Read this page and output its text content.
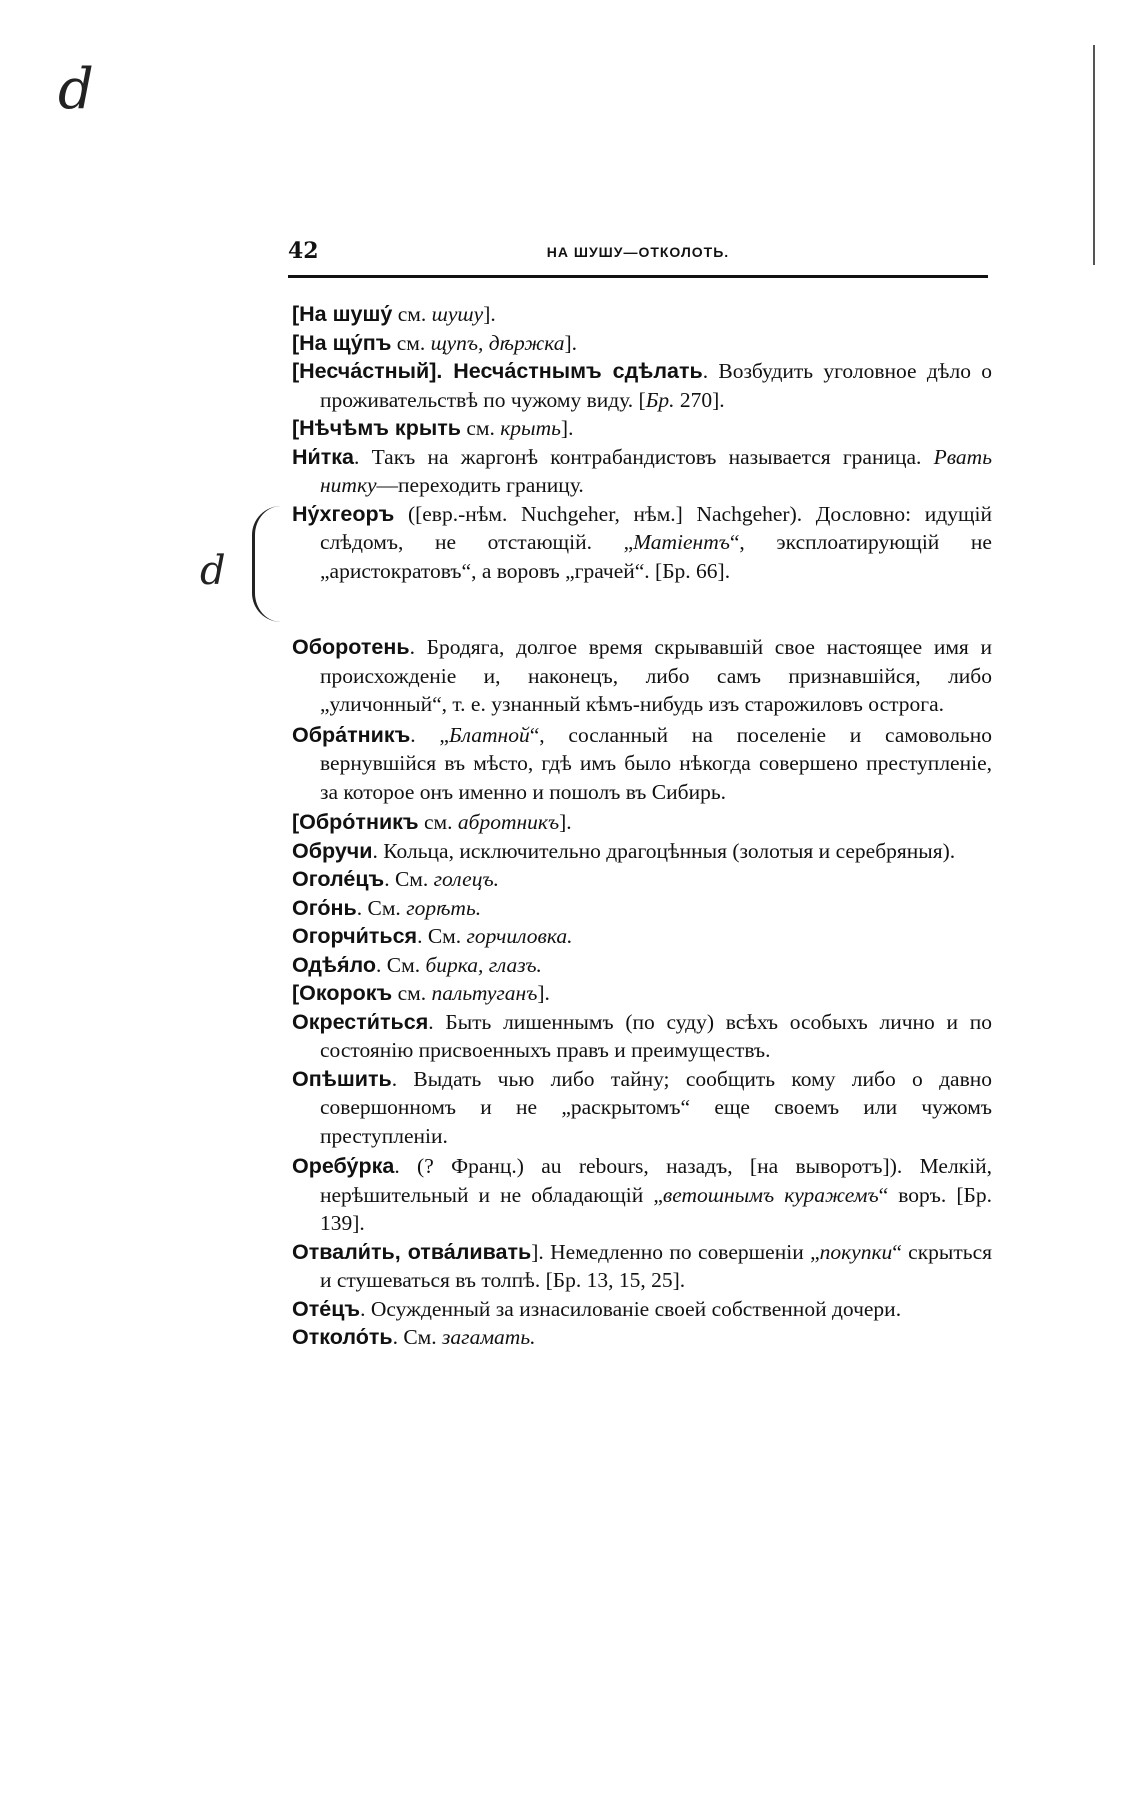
d
42	НА ШУШУ—ОТКОЛОТЬ.
d
[На шушу́ см. шушу].
[На щу́пъ см. щупъ, дѣржка].
[Несча́стный]. Несча́стнымъ сдѣлать. Возбудить уголовное дѣло о проживательствѣ по чужому виду. [Бр. 270].
[Нѣчѣмъ крыть см. крыть].
Ни́тка. Такъ на жаргонѣ контрабандистовъ называется граница. Рвать нитку—переходить границу.
Ну́хгеоръ ([евр.-нѣм. Nuchgeher, нѣм.] Nachgeher). Дословно: идущій слѣдомъ, не отстающій. „Матіентъ“, эксплоатирующій не „аристократовъ“, а воровъ „грачей“. [Бр. 66].
Оборотень. Бродяга, долгое время скрывавшій свое настоящее имя и происхожденіе и, наконецъ, либо самъ признавшійся, либо „уличонный“, т. е. узнанный кѣмъ-нибудь изъ старожиловъ острога.
Обра́тникъ. „Блатной“, сосланный на поселеніе и самовольно вернувшійся въ мѣсто, гдѣ имъ было нѣкогда совершено преступленіе, за которое онъ именно и пошолъ въ Сибирь.
[Обро́тникъ см. абротникъ].
Обручи. Кольца, исключительно драгоцѣнныя (золотыя и серебряныя).
Оголе́цъ. См. голецъ.
Ого́нь. См. горѣть.
Огорчи́ться. См. горчиловка.
Одѣя́ло. См. бирка, глазъ.
[Окорокъ см. пальтуганъ].
Окрести́ться. Быть лишеннымъ (по суду) всѣхъ особыхъ лично и по состоянію присвоенныхъ правъ и преимуществъ.
Опѣшить. Выдать чью либо тайну; сообщить кому либо о давно совершонномъ и не „раскрытомъ“ еще своемъ или чужомъ преступленіи.
Оребу́рка. (? Франц.) au rebours, назадъ, [на выворотъ]). Мелкій, нерѣшительный и не обладающій „ветошнымъ куражемъ“ воръ. [Бр. 139].
Отвали́ть, отва́ливать]. Немедленно по совершеніи „покупки“ скрыться и стушеваться въ толпѣ. [Бр. 13, 15, 25].
Оте́цъ. Осужденный за изнасилованіе своей собственной дочери.
Отколо́ть. См. загамать.
